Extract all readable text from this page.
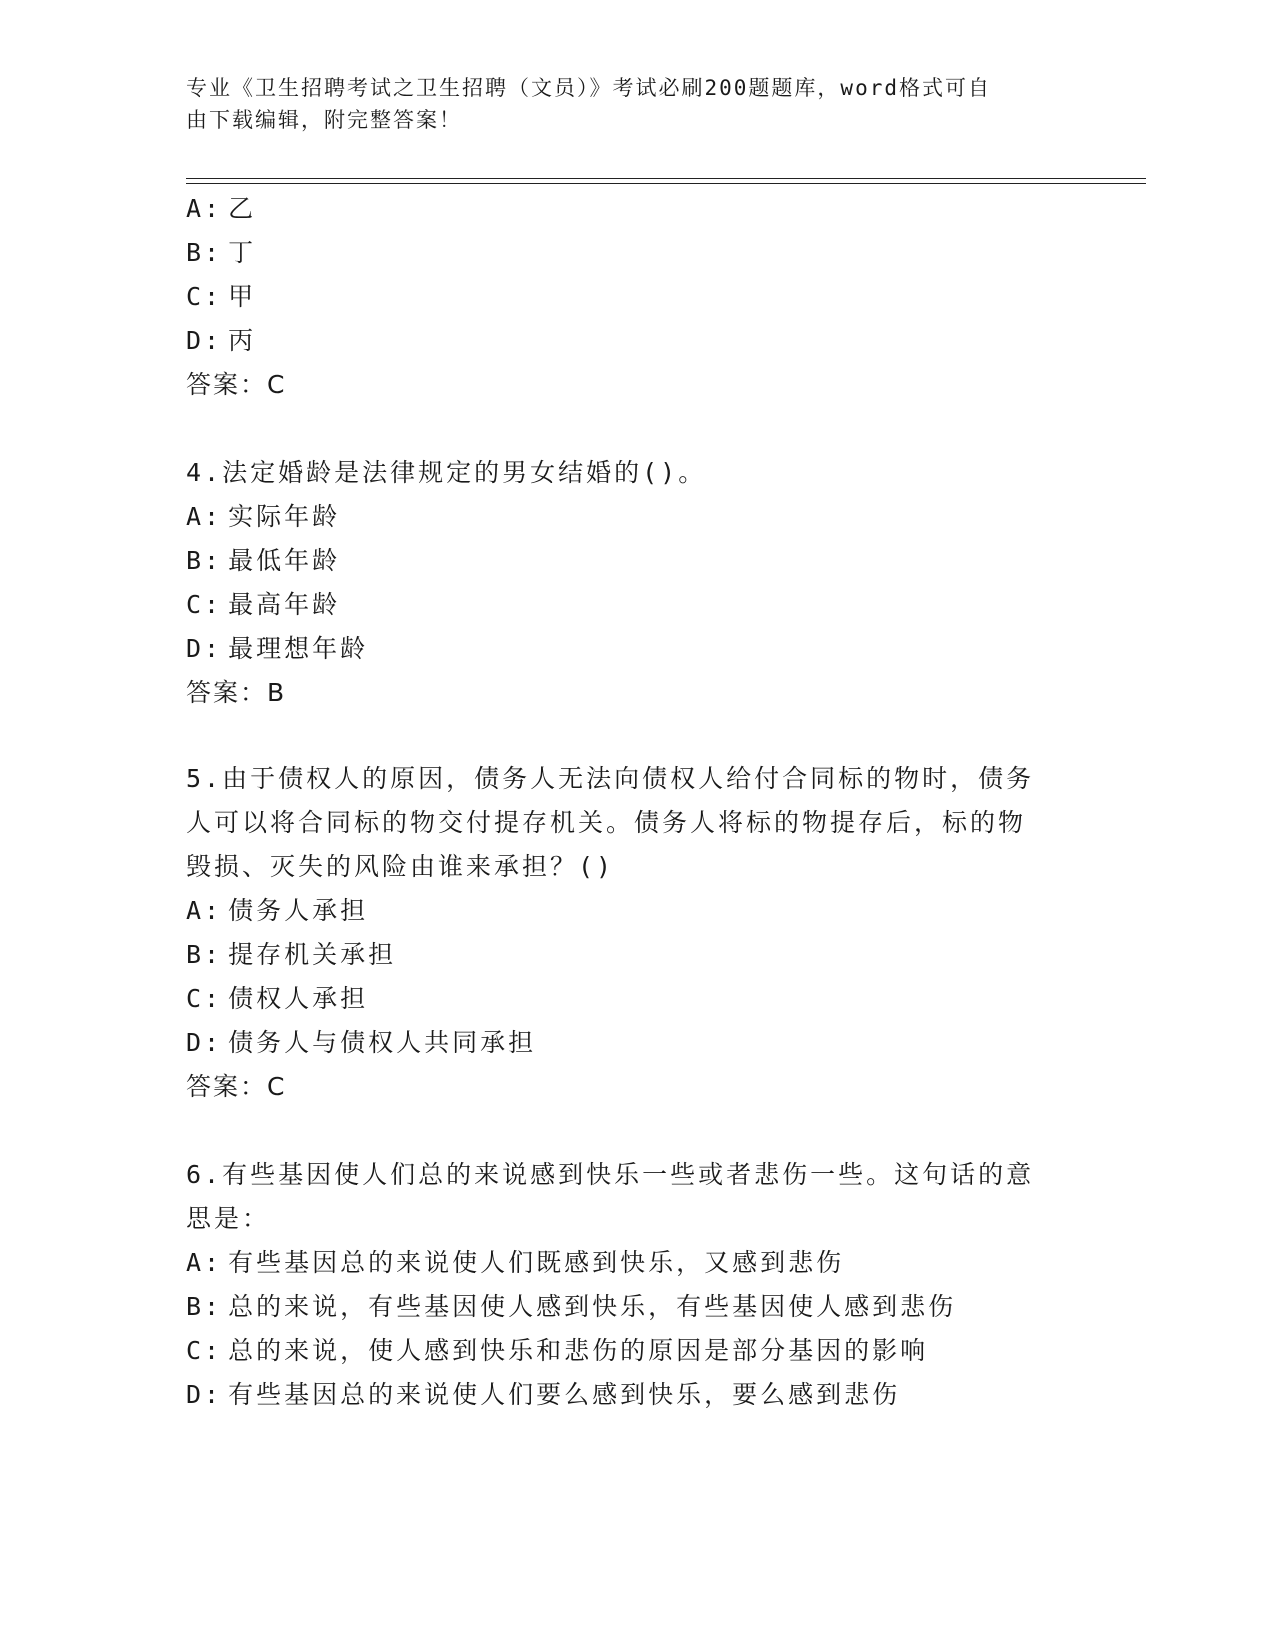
专业《卫生招聘考试之卫生招聘（文员）》考试必刷200题题库，word格式可自
由下载编辑，附完整答案！
A: 乙
B: 丁
C: 甲
D: 丙
答案：C
4.法定婚龄是法律规定的男女结婚的()。
A: 实际年龄
B: 最低年龄
C: 最高年龄
D: 最理想年龄
答案：B
5.由于债权人的原因，债务人无法向债权人给付合同标的物时，债务
人可以将合同标的物交付提存机关。债务人将标的物提存后，标的物
毁损、灭失的风险由谁来承担？()
A: 债务人承担
B: 提存机关承担
C: 债权人承担
D: 债务人与债权人共同承担
答案：C
6.有些基因使人们总的来说感到快乐一些或者悲伤一些。这句话的意
思是：
A: 有些基因总的来说使人们既感到快乐，又感到悲伤
B: 总的来说，有些基因使人感到快乐，有些基因使人感到悲伤
C: 总的来说，使人感到快乐和悲伤的原因是部分基因的影响
D: 有些基因总的来说使人们要么感到快乐，要么感到悲伤
